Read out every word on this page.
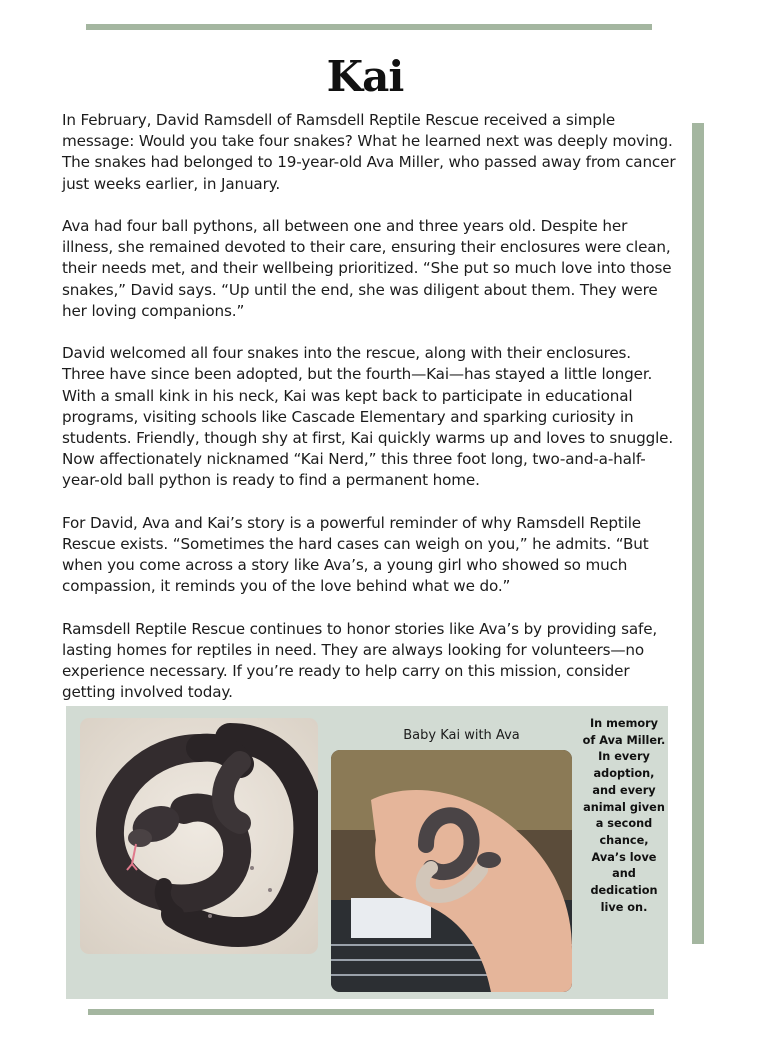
Kai

In February, David Ramsdell of Ramsdell Reptile Rescue received a simple message: Would you take four snakes? What he learned next was deeply moving. The snakes had belonged to 19-year-old Ava Miller, who passed away from cancer just weeks earlier, in January.

Ava had four ball pythons, all between one and three years old. Despite her illness, she remained devoted to their care, ensuring their enclosures were clean, their needs met, and their wellbeing prioritized. “She put so much love into those snakes,” David says. “Up until the end, she was diligent about them. They were her loving companions.”

David welcomed all four snakes into the rescue, along with their enclosures. Three have since been adopted, but the fourth—Kai—has stayed a little longer. With a small kink in his neck, Kai was kept back to participate in educational programs, visiting schools like Cascade Elementary and sparking curiosity in students. Friendly, though shy at first, Kai quickly warms up and loves to snuggle. Now affectionately nicknamed “Kai Nerd,” this three foot long, two-and-a-half-year-old ball python is ready to find a permanent home.

For David, Ava and Kai’s story is a powerful reminder of why Ramsdell Reptile Rescue exists. “Sometimes the hard cases can weigh on you,” he admits. “But when you come across a story like Ava’s, a young girl who showed so much compassion, it reminds you of the love behind what we do.”

Ramsdell Reptile Rescue continues to honor stories like Ava’s by providing safe, lasting homes for reptiles in need. They are always looking for volunteers—no experience necessary. If you’re ready to help carry on this mission, consider getting involved today.

Baby Kai with Ava
In memory of Ava Miller. In every adoption, and every animal given a second chance, Ava’s love and dedication live on.
